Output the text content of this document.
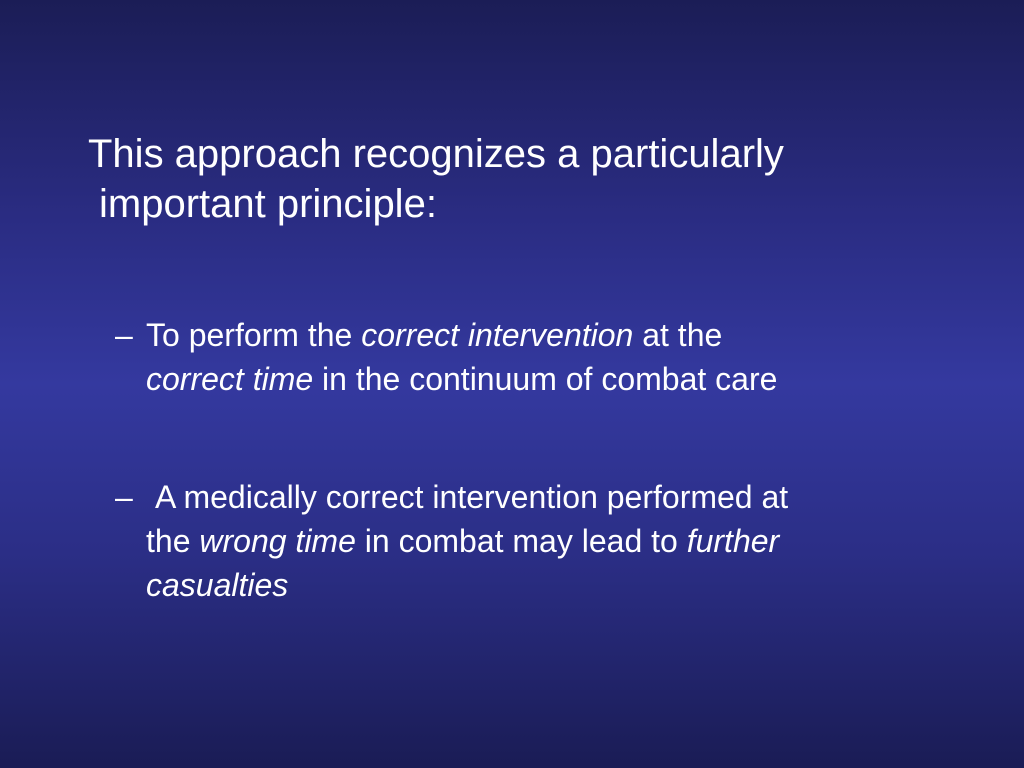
This approach recognizes a particularly
important principle:
– To perform the correct intervention at the
correct time in the continuum of combat care
– A medically correct intervention performed at
the wrong time in combat may lead to further
casualties
